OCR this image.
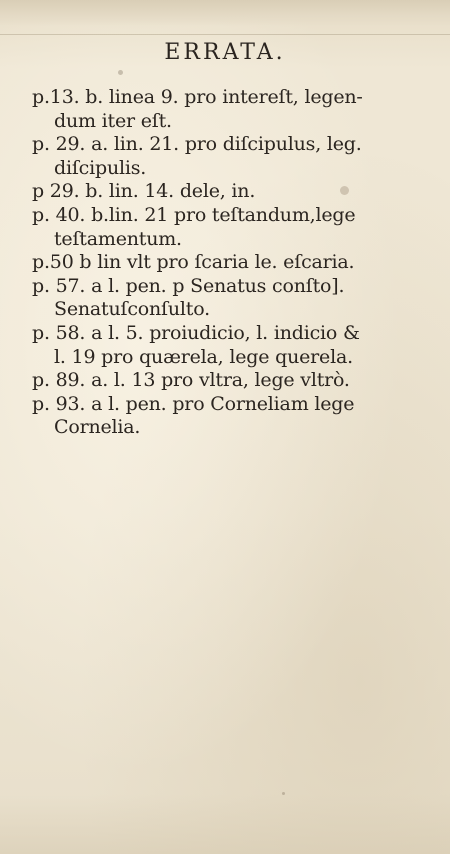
ERRATA.
p.13. b. linea 9. pro intereſt, legen-
dum iter eſt.
p. 29. a. lin. 21. pro diſcipulus, leg.
diſcipulis.
p 29. b. lin. 14. dele, in.
p. 40. b.lin. 21 pro teſtandum,lege
teſtamentum.
p.50 b lin vlt pro ſcaria le. eſcaria.
p. 57. a l. pen. p Senatus conſto].
Senatuſconſulto.
p. 58. a l. 5. proiudicio, l. indicio &
l. 19 pro quærela, lege querela.
p. 89. a. l. 13 pro vltra, lege vltrò.
p. 93. a l. pen. pro Corneliam lege
Cornelia.
